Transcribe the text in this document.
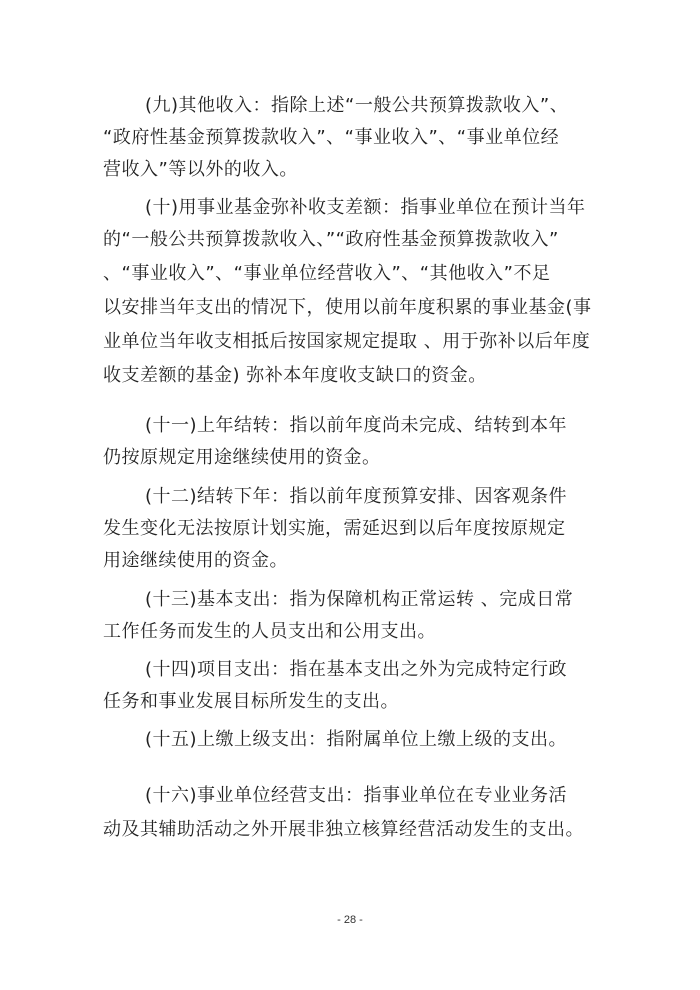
(九)其他收入：指除上述“一般公共预算拨款收入”、
“政府性基金预算拨款收入”、“事业收入”、“事业单位经
营收入”等以外的收入。
(十)用事业基金弥补收支差额：指事业单位在预计当年
的“一般公共预算拨款收入、”“政府性基金预算拨款收入”
、“事业收入”、“事业单位经营收入”、“其他收入”不足
以安排当年支出的情况下，使用以前年度积累的事业基金(事
业单位当年收支相抵后按国家规定提取 、用于弥补以后年度
收支差额的基金) 弥补本年度收支缺口的资金。
(十一)上年结转：指以前年度尚未完成、结转到本年
仍按原规定用途继续使用的资金。
(十二)结转下年：指以前年度预算安排、因客观条件
发生变化无法按原计划实施，需延迟到以后年度按原规定
用途继续使用的资金。
(十三)基本支出：指为保障机构正常运转 、完成日常
工作任务而发生的人员支出和公用支出。
(十四)项目支出：指在基本支出之外为完成特定行政
任务和事业发展目标所发生的支出。
(十五)上缴上级支出：指附属单位上缴上级的支出。
(十六)事业单位经营支出：指事业单位在专业业务活
动及其辅助活动之外开展非独立核算经营活动发生的支出。
- 28 -
